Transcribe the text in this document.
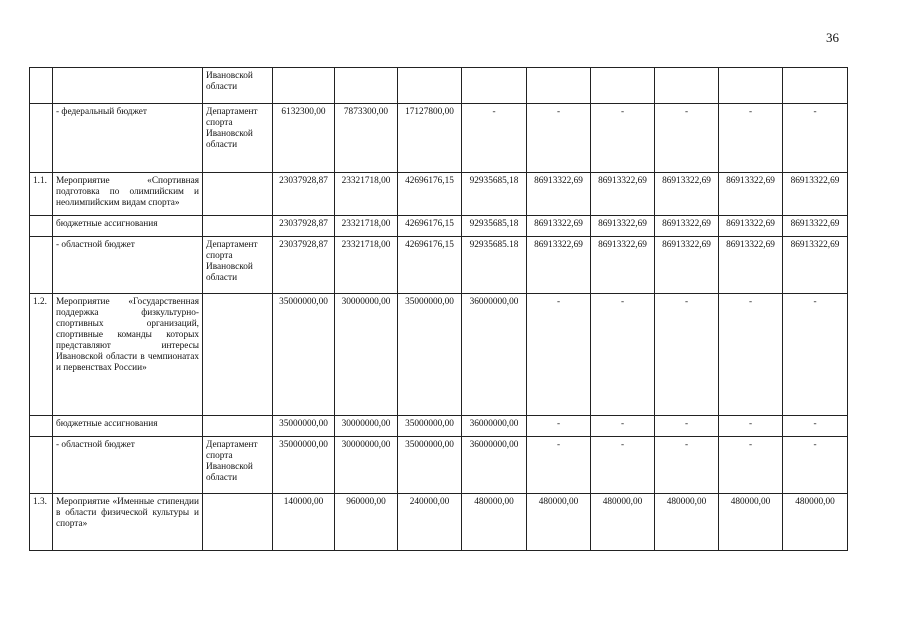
36
		Ивановской области									
	- федеральный бюджет	Департамент спорта Ивановской области	6132300,00	7873300,00	17127800,00	-	-	-	-	-	-
1.1.	Мероприятие «Спортивная подготовка по олимпийским и неолимпийским видам спорта»		23037928,87	23321718,00	42696176,15	92935685,18	86913322,69	86913322,69	86913322,69	86913322,69	86913322,69
	бюджетные ассигнования		23037928,87	23321718,00	42696176,15	92935685,18	86913322,69	86913322,69	86913322,69	86913322,69	86913322,69
	- областной бюджет	Департамент спорта Ивановской области	23037928,87	23321718,00	42696176,15	92935685.18	86913322,69	86913322,69	86913322,69	86913322,69	86913322,69
1.2.	Мероприятие «Государственная поддержка физкультурно-спортивных организаций, спортивные команды которых представляют интересы Ивановской области в чемпионатах и первенствах России»		35000000,00	30000000,00	35000000,00	36000000,00	-	-	-	-	-
	бюджетные ассигнования		35000000,00	30000000,00	35000000,00	36000000,00	-	-	-	-	-
	- областной бюджет	Департамент спорта Ивановской области	35000000,00	30000000,00	35000000,00	36000000,00	-	-	-	-	-
1.3.	Мероприятие «Именные стипендии в области физической культуры и спорта»		140000,00	960000,00	240000,00	480000,00	480000,00	480000,00	480000,00	480000,00	480000,00
